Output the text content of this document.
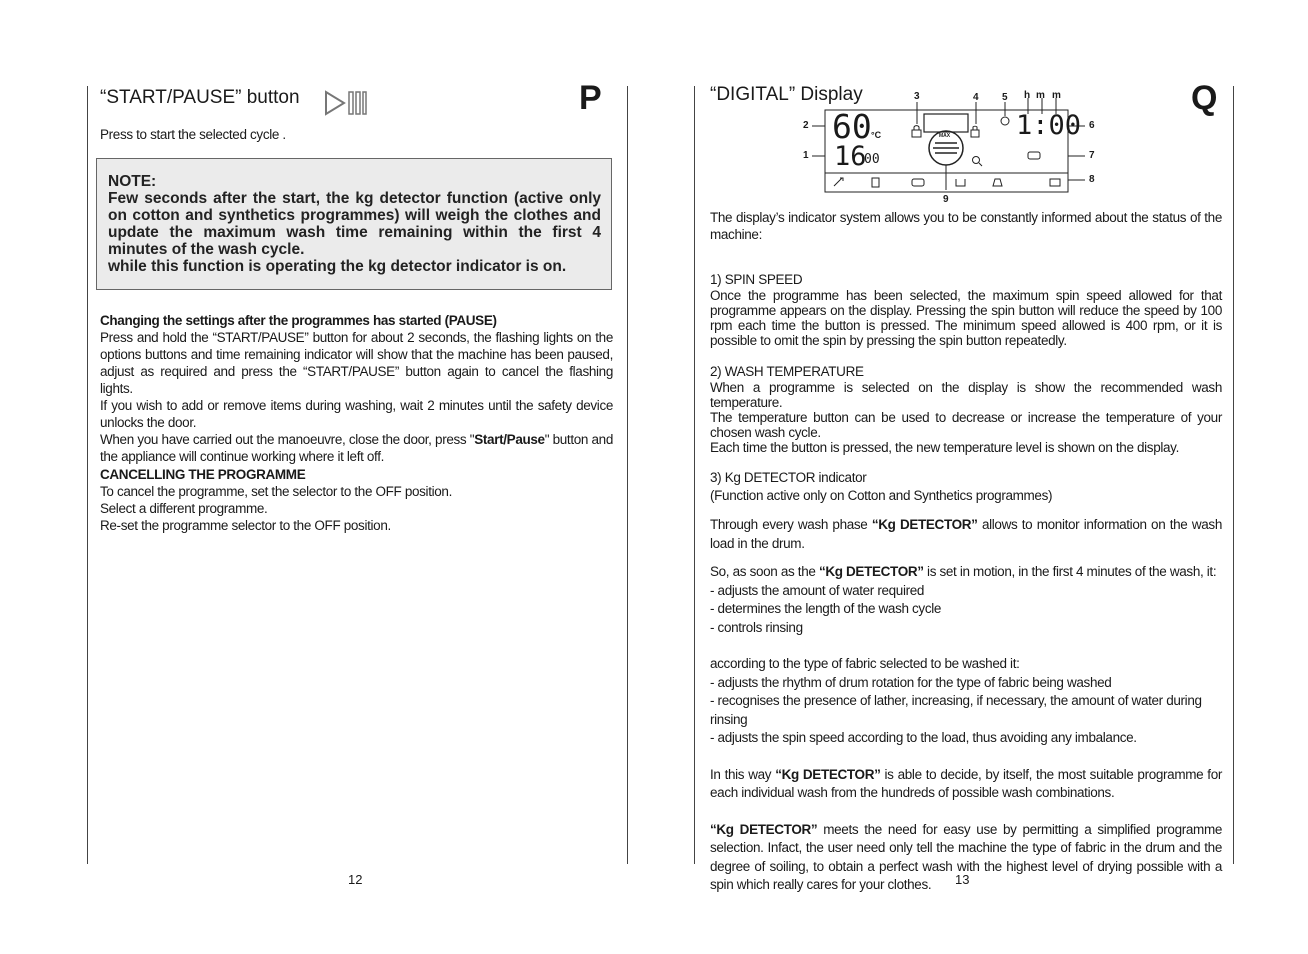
“START/PAUSE” button	P

Press to start the selected cycle .

NOTE:

Few seconds after the start, the kg detector function (active only on cotton and synthetics programmes) will weigh the clothes and update the maximum wash time remaining within the first 4 minutes of the wash cycle.

while this function is operating the kg detector indicator is on.

Changing the settings after the programmes has started (PAUSE)

Press and hold the “START/PAUSE” button for about 2 seconds, the flashing lights on the options buttons and time remaining indicator will show that the machine has been paused, adjust as required and press the “START/PAUSE” button again to cancel the flashing lights.

If you wish to add or remove items during washing, wait 2 minutes until the safety device unlocks the door.

When you have carried out the manoeuvre, close the door, press "Start/Pause" button and the appliance will continue working where it left off.

CANCELLING THE PROGRAMME

To cancel the programme, set the selector to the OFF position.

Select a different programme.

Re-set the programme selector to the OFF position.

12
“DIGITAL” Display	Q
60 °C
16
00
MAX 1:00
1
2
3	4 5
6
7
8
9
h m m

The display’s indicator system allows you to be constantly informed about the status of the machine:

1) SPIN SPEED

Once the programme has been selected, the maximum spin speed allowed for that programme appears on the display. Pressing the spin button will reduce the speed by 100 rpm each time the button is pressed. The minimum speed allowed is 400 rpm, or it is possible to omit the spin by pressing the spin button repeatedly.

2) WASH TEMPERATURE

When a programme is selected on the display is show the recommended wash temperature.

The temperature button can be used to decrease or increase the temperature of your chosen wash cycle.

Each time the button is pressed, the new temperature level is shown on the display.

3) Kg DETECTOR indicator

(Function active only on Cotton and Synthetics programmes)

Through every wash phase “Kg DETECTOR” allows to monitor information on the wash load in the drum.

So, as soon as the “Kg DETECTOR” is set in motion, in the first 4 minutes of the wash, it:

- adjusts the amount of water required
- determines the length of the wash cycle
- controls rinsing

according to the type of fabric selected to be washed it:

- adjusts the rhythm of drum rotation for the type of fabric being washed
- recognises the presence of lather, increasing, if necessary, the amount of water during rinsing
- adjusts the spin speed according to the load, thus avoiding any imbalance.

In this way “Kg DETECTOR” is able to decide, by itself, the most suitable programme for each individual wash from the hundreds of possible wash combinations.

“Kg DETECTOR” meets the need for easy use by permitting a simplified programme selection. Infact, the user need only tell the machine the type of fabric in the drum and the degree of soiling, to obtain a perfect wash with the highest level of drying possible with a spin which really cares for your clothes.	13
